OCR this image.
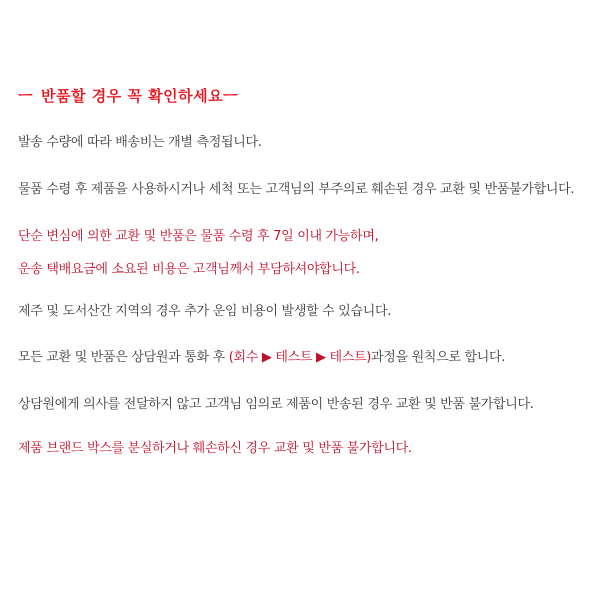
ㅡ 반품할 경우 꼭 확인하세요ㅡ
발송 수량에 따라 배송비는 개별 측정됩니다.
물품 수령 후 제품을 사용하시거나 세척 또는 고객님의 부주의로 훼손된 경우 교환 및 반품불가합니다.
단순 변심에 의한 교환 및 반품은 물품 수령 후 7일 이내 가능하며,
운송 택배요금에 소요된 비용은 고객님께서 부담하셔야합니다.
제주 및 도서산간 지역의 경우 추가 운임 비용이 발생할 수 있습니다.
모든 교환 및 반품은 상담원과 통화 후 (회수 ▶ 테스트 ▶ 테스트)과정을 원칙으로 합니다.
상담원에게 의사를 전달하지 않고 고객님 임의로 제품이 반송된 경우 교환 및 반품 불가합니다.
제품 브랜드 박스를 분실하거나 훼손하신 경우 교환 및 반품 불가합니다.
